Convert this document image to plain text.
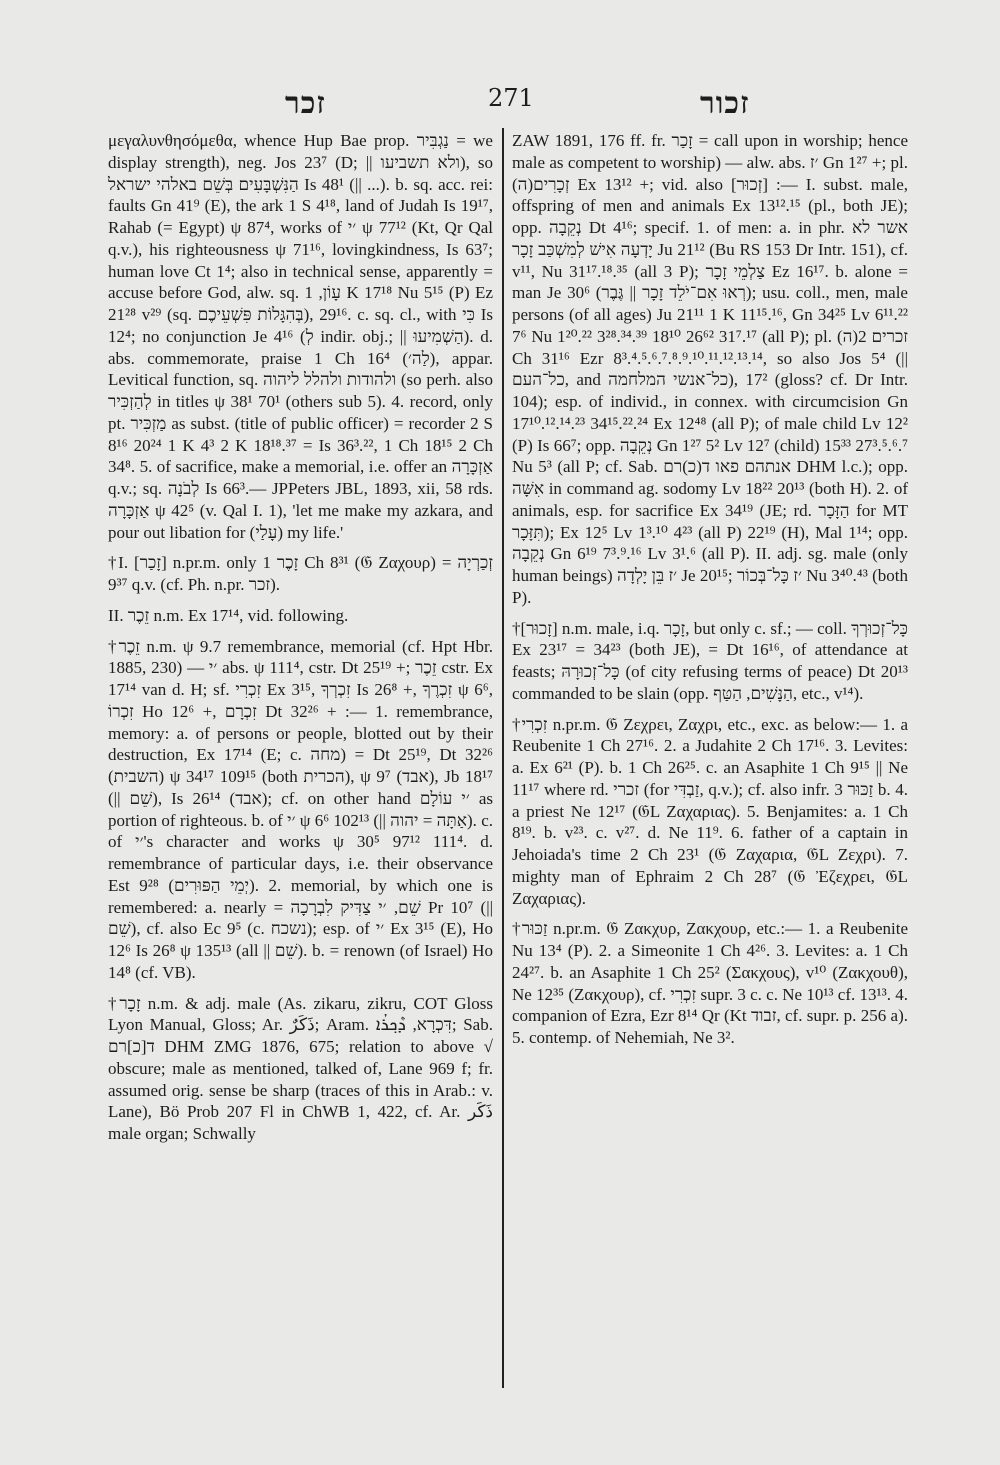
זכר	271	זכור

μεγαλυνθησόμεθα, whence Hup Bae prop. נַגְבִּיר = we display strength), neg. Jos 23⁷ (D; || ולא תשביעו), so הַנִּשְׁבָּעִים בְּשֵׁם באלהי ישראל Is 48¹ (|| ...). b. sq. acc. rei: faults Gn 41⁹ (E), the ark 1 S 4¹⁸, land of Judah Is 19¹⁷, Rahab (= Egypt) ψ 87⁴, works of ׳י ψ 77¹² (Kt, Qr Qal q.v.), his righteousness ψ 71¹⁶, lovingkindness, Is 63⁷; human love Ct 1⁴; also in technical sense, apparently = accuse before God, alw. sq. עָוֹן, 1 K 17¹⁸ Nu 5¹⁵ (P) Ez 21²⁸ v²⁹ (sq. בְּהִגָּלוֹת פִּשְׁעֵיכֶם), 29¹⁶. c. sq. cl., with כִּי Is 12⁴; no conjunction Je 4¹⁶ (לְ indir. obj.; || הַשְׁמִיעוּ). d. abs. commemorate, praise 1 Ch 16⁴ (לַה׳), appar. Levitical function, sq. ולהודות ולהלל ליהוה (so perh. also לְהַזְכִּיר in titles ψ 38¹ 70¹ (others sub 5). 4. record, only pt. מַזְכִּיר as subst. (title of public officer) = recorder 2 S 8¹⁶ 20²⁴ 1 K 4³ 2 K 18¹⁸.³⁷ = Is 36³.²², 1 Ch 18¹⁵ 2 Ch 34⁸. 5. of sacrifice, make a memorial, i.e. offer an אַזְכָּרָה q.v.; sq. לְבֹנָה Is 66³.— JPPeters JBL, 1893, xii, 58 rds. אַזְכָּרָה ψ 42⁵ (v. Qal I. 1), 'let me make my azkara, and pour out libation for (עָלַי) my life.'

†I. [זָכַר] n.pr.m. only זָכֶר 1 Ch 8³¹ (𝔊 Ζαχουρ) = זְכַרְיָה 9³⁷ q.v. (cf. Ph. n.pr. זכר).

II. זֵכֶר n.m. Ex 17¹⁴, vid. following.

†זֵכֶר n.m. ψ 9.7 remembrance, memorial (cf. Hpt Hbr. 1885, 230) — ׳י abs. ψ 111⁴, cstr. Dt 25¹⁹ +; זֵכֶר cstr. Ex 17¹⁴ van d. H; sf. זִכְרִי Ex 3¹⁵, זִכְרְךָ Is 26⁸ +, זִכְרֶךָ ψ 6⁶, זִכְרוֹ Ho 12⁶ +, זִכְרָם Dt 32²⁶ + :— 1. remembrance, memory: a. of persons or people, blotted out by their destruction, Ex 17¹⁴ (E; c. מחה) = Dt 25¹⁹, Dt 32²⁶ (השבית) ψ 34¹⁷ 109¹⁵ (both הכרית), ψ 9⁷ (אבד), Jb 18¹⁷ (|| שֵׁם), Is 26¹⁴ (אבד); cf. on other hand ׳י עוֹלָם as portion of righteous. b. of ׳י ψ 6⁶ 102¹³ (|| אַתָּה = יהוה). c. of ׳י's character and works ψ 30⁵ 97¹² 111⁴. d. remembrance of particular days, i.e. their observance Est 9²⁸ (יְמֵי הַפּוּרִים). 2. memorial, by which one is remembered: a. nearly = שֵׁם, ׳י צַדִּיק לִבְרָכָה Pr 10⁷ (|| שֵׁם), cf. also Ec 9⁵ (c. נשכח); esp. of ׳י Ex 3¹⁵ (E), Ho 12⁶ Is 26⁸ ψ 135¹³ (all || שֵׁם). b. = renown (of Israel) Ho 14⁸ (cf. VB).

†זָכָר n.m. & adj. male (As. zikaru, zikru, COT Gloss Lyon Manual, Gloss; Ar. ذَكَرٌ; Aram. דִּכְרָא, ܕܶܟ݂ܪܳܐ; Sab. ד[כ]רם DHM ZMG 1876, 675; relation to above √ obscure; male as mentioned, talked of, Lane 969 f; fr. assumed orig. sense be sharp (traces of this in Arab.: v. Lane), Bö Prob 207 Fl in ChWB 1, 422, cf. Ar. ذَكَر male organ; Schwally

ZAW 1891, 176 ff. fr. זָכַר = call upon in worship; hence male as competent to worship) — alw. abs. ׳ז Gn 1²⁷ +; pl. (ה)זְכָרִים Ex 13¹² +; vid. also [זְכוּר] :— I. subst. male, offspring of men and animals Ex 13¹².¹⁵ (pl., both JE); opp. נְקֵבָה Dt 4¹⁶; specif. 1. of men: a. in phr. אשר לא יָדְעָה אִישׁ לְמִשְׁכַּב זָכָר Ju 21¹² (Bu RS 153 Dr Intr. 151), cf. v¹¹, Nu 31¹⁷.¹⁸.³⁵ (all 3 P); צַלְמֵי זָכָר Ez 16¹⁷. b. alone = man Je 30⁶ (רְאוּ אִם־יֹלֵד זָכָר || גֶּבֶר); usu. coll., men, male persons (of all ages) Ju 21¹¹ 1 K 11¹⁵.¹⁶, Gn 34²⁵ Lv 6¹¹.²² 7⁶ Nu 1²⁰.²² 3²⁸.³⁴.³⁹ 18¹⁰ 26⁶² 31⁷.¹⁷ (all P); pl. (ה)זכרים 2 Ch 31¹⁶ Ezr 8³.⁴.⁵.⁶.⁷.⁸.⁹.¹⁰.¹¹.¹².¹³.¹⁴, so also Jos 5⁴ (|| כל־העם, and כל־אנשי המלחמה), 17² (gloss? cf. Dr Intr. 104); esp. of individ., in connex. with circumcision Gn 17¹⁰.¹².¹⁴.²³ 34¹⁵.²².²⁴ Ex 12⁴⁸ (all P); of male child Lv 12² (P) Is 66⁷; opp. נְקֵבָה Gn 1²⁷ 5² Lv 12⁷ (child) 15³³ 27³.⁵.⁶.⁷ Nu 5³ (all P; cf. Sab. אנתהם פאו ד(כ)רם DHM l.c.); opp. אִשָּׁה in command ag. sodomy Lv 18²² 20¹³ (both H). 2. of animals, esp. for sacrifice Ex 34¹⁹ (JE; rd. הַזָּכָר for MT תִּזָּכָר); Ex 12⁵ Lv 1³.¹⁰ 4²³ (all P) 22¹⁹ (H), Mal 1¹⁴; opp. נְקֵבָה Gn 6¹⁹ 7³.⁹.¹⁶ Lv 3¹.⁶ (all P). II. adj. sg. male (only human beings) ׳ז בֵּן יָלְדָה Je 20¹⁵; ׳ז כָּל־בְּכוֹר Nu 3⁴⁰.⁴³ (both P).

†[זָכוּר] n.m. male, i.q. זָכָר, but only c. sf.; — coll. כָּל־זְכוּרְךָ Ex 23¹⁷ = 34²³ (both JE), = Dt 16¹⁶, of attendance at feasts; כָּל־זְכוּרָהּ (of city refusing terms of peace) Dt 20¹³ commanded to be slain (opp. הַנָּשִׁים, הַטַּף, etc., v¹⁴).

†זִכְרִי n.pr.m. 𝔊 Ζεχρει, Ζαχρι, etc., exc. as below:— 1. a Reubenite 1 Ch 27¹⁶. 2. a Judahite 2 Ch 17¹⁶. 3. Levites: a. Ex 6²¹ (P). b. 1 Ch 26²⁵. c. an Asaphite 1 Ch 9¹⁵ || Ne 11¹⁷ where rd. זכרי (for זַבְדִּי, q.v.); cf. also infr. זַכּוּר 3 b. 4. a priest Ne 12¹⁷ (𝔊L Ζαχαριας). 5. Benjamites: a. 1 Ch 8¹⁹. b. v²³. c. v²⁷. d. Ne 11⁹. 6. father of a captain in Jehoiada's time 2 Ch 23¹ (𝔊 Ζαχαρια, 𝔊L Ζεχρι). 7. mighty man of Ephraim 2 Ch 28⁷ (𝔊 Ἐζεχρει, 𝔊L Ζαχαριας).

†זַכּוּר n.pr.m. 𝔊 Ζακχυρ, Ζακχουρ, etc.:— 1. a Reubenite Nu 13⁴ (P). 2. a Simeonite 1 Ch 4²⁶. 3. Levites: a. 1 Ch 24²⁷. b. an Asaphite 1 Ch 25² (Σακχους), v¹⁰ (Ζακχουθ), Ne 12³⁵ (Ζακχουρ), cf. זִכְרִי supr. 3 c. c. Ne 10¹³ cf. 13¹³. 4. companion of Ezra, Ezr 8¹⁴ Qr (Kt זבוד, cf. supr. p. 256 a). 5. contemp. of Nehemiah, Ne 3².
